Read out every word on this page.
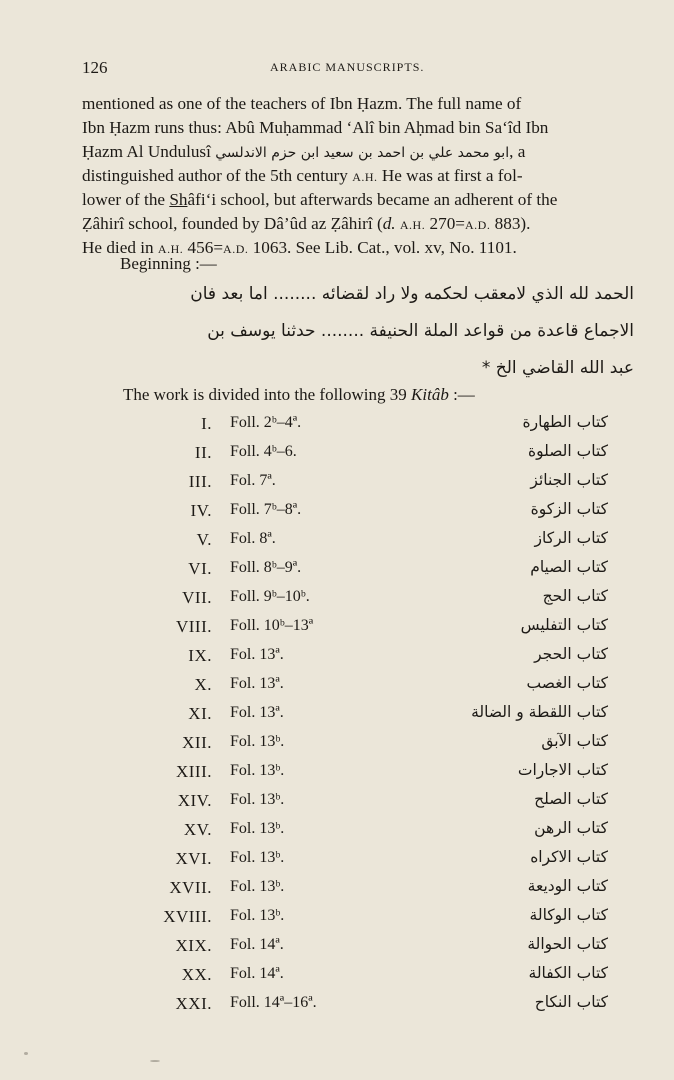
126	ARABIC MANUSCRIPTS.
mentioned as one of the teachers of Ibn Ḥazm. The full name of
Ibn Ḥazm runs thus: Abû Muḥammad ‘Alî bin Aḥmad bin Sa‘îd Ibn
Ḥazm Al Undulusî ابو محمد علي بن احمد بن سعيد ابن حزم الاندلسي, a
distinguished author of the 5th century A.H. He was at first a fol-
lower of the Shâfi‘i school, but afterwards became an adherent of the
Ẓâhirî school, founded by Dâ’ûd az Ẓâhirî (d. A.H. 270=A.D. 883).
He died in A.H. 456=A.D. 1063. See Lib. Cat., vol. xv, No. 1101.
Beginning :—
الحمد لله الذي لامعقب لحكمه ولا راد لقضائه ........ اما بعد فان
الاجماع قاعدة من قواعد الملة الحنيفة ........ حدثنا يوسف بن
عبد الله القاضي الخ *
The work is divided into the following 39 Kitâb :—
I. Foll. 2ᵇ–4ª.	كتاب الطهارة
II. Foll. 4ᵇ–6.	كتاب الصلوة
III. Fol. 7ª.	كتاب الجنائز
IV. Foll. 7ᵇ–8ª.	كتاب الزكوة
V. Fol. 8ª.	كتاب الركاز
VI. Foll. 8ᵇ–9ª.	كتاب الصيام
VII. Foll. 9ᵇ–10ᵇ.	كتاب الحج
VIII. Foll. 10ᵇ–13ª	كتاب التفليس
IX. Fol. 13ª.	كتاب الحجر
X. Fol. 13ª.	كتاب الغصب
XI. Fol. 13ª.	كتاب اللقطة و الضالة
XII. Fol. 13ᵇ.	كتاب الآبق
XIII. Fol. 13ᵇ.	كتاب الاجارات
XIV. Fol. 13ᵇ.	كتاب الصلح
XV. Fol. 13ᵇ.	كتاب الرهن
XVI. Fol. 13ᵇ.	كتاب الاكراه
XVII. Fol. 13ᵇ.	كتاب الوديعة
XVIII. Fol. 13ᵇ.	كتاب الوكالة
XIX. Fol. 14ª.	كتاب الحوالة
XX. Fol. 14ª.	كتاب الكفالة
XXI. Foll. 14ª–16ª.	كتاب النكاح
